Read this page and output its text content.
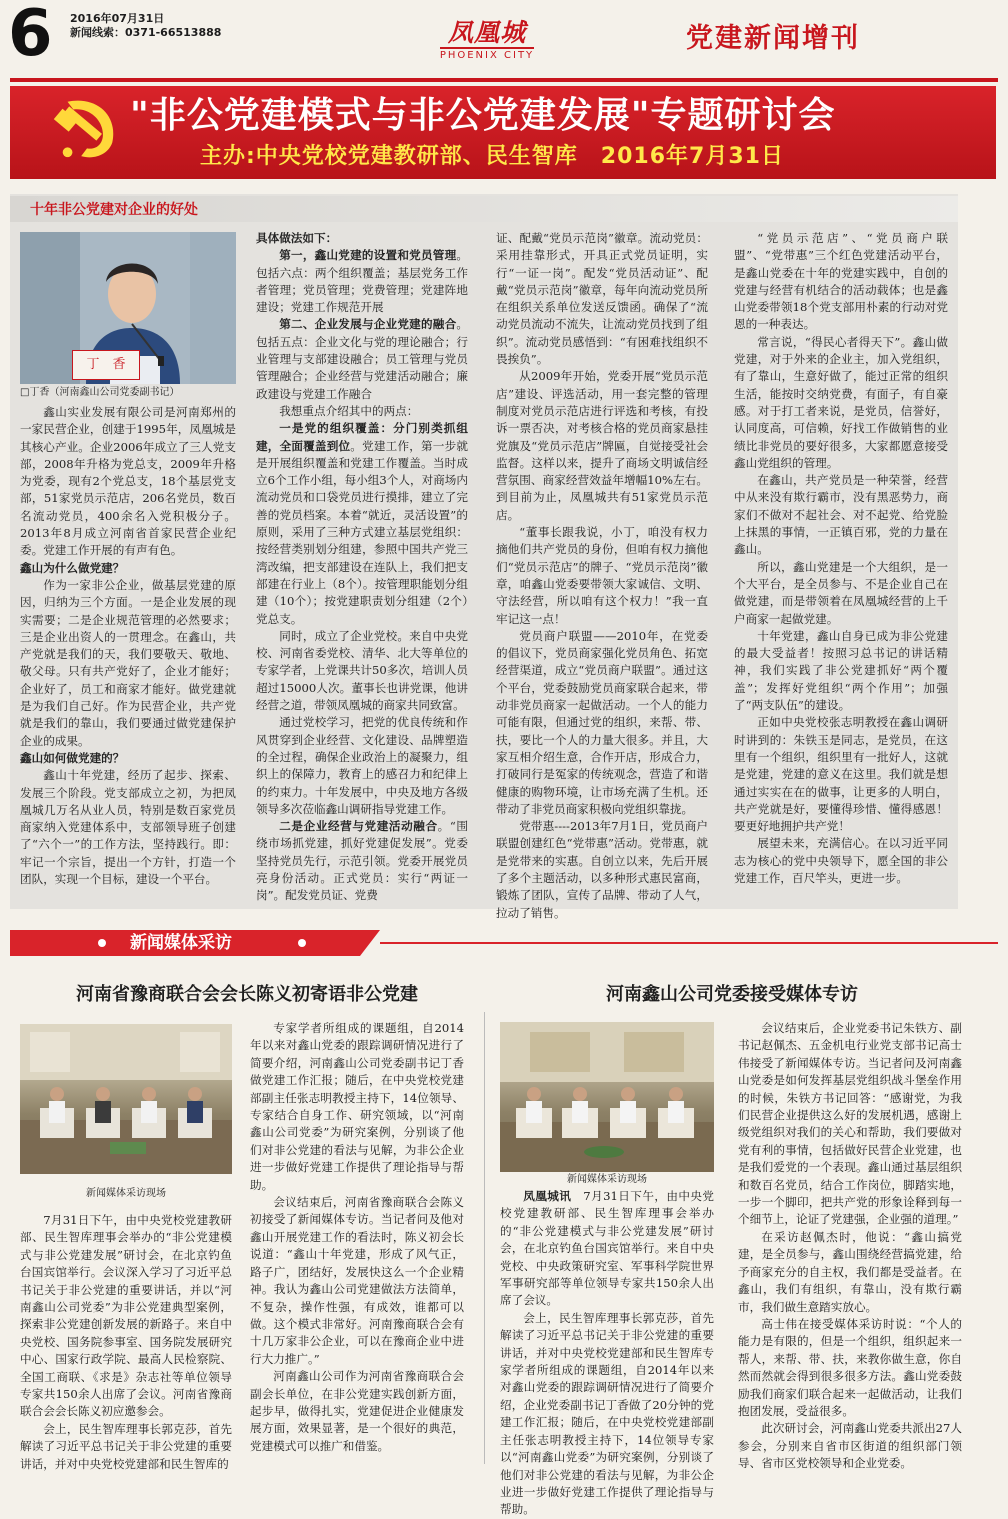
6 2016年07月31日
新闻线索：0371-66513888	凤凰城
PHOENIX CITY
党建新闻增刊
"非公党建模式与非公党建发展"专题研讨会
主办:中央党校党建教研部、民生智库　2016年7月31日
十年非公党建对企业的好处
丁　香
□丁香（河南鑫山公司党委副书记）

鑫山实业发展有限公司是河南郑州的一家民营企业，创建于1995年，凤凰城是其核心产业。企业2006年成立了三人党支部，2008年升格为党总支，2009年升格为党委，现有2个党总支，18个基层党支部，51家党员示范店，206名党员，数百名流动党员，400余名入党积极分子。2013年8月成立河南省首家民营企业纪委。党建工作开展的有声有色。

鑫山为什么做党建？

作为一家非公企业，做基层党建的原因，归纳为三个方面。一是企业发展的现实需要；二是企业规范管理的必然要求；三是企业出资人的一贯理念。在鑫山，共产党就是我们的天，我们要敬天、敬地、敬父母。只有共产党好了，企业才能好；企业好了，员工和商家才能好。做党建就是为我们自己好。作为民营企业，共产党就是我们的靠山，我们要通过做党建保护企业的成果。

鑫山如何做党建的？

鑫山十年党建，经历了起步、探索、发展三个阶段。党支部成立之初，为把凤凰城几万名从业人员，特别是数百家党员商家纳入党建体系中，支部领导班子创建了“六个一”的工作方法，坚持践行。即：牢记一个宗旨，提出一个方针，打造一个团队，实现一个目标，建设一个平台。

具体做法如下：

第一，鑫山党建的设置和党员管理。包括六点：两个组织覆盖；基层党务工作者管理；党员管理；党费管理；党建阵地建设；党建工作规范开展

第二、企业发展与企业党建的融合。包括五点：企业文化与党的理论融合；行业管理与支部建设融合；员工管理与党员管理融合；企业经营与党建活动融合；廉政建设与党建工作融合

我想重点介绍其中的两点：

一是党的组织覆盖：分门别类抓组建，全面覆盖到位。党建工作，第一步就是开展组织覆盖和党建工作覆盖。当时成立6个工作小组，每小组3个人，对商场内流动党员和口袋党员进行摸排，建立了完善的党员档案。本着“就近，灵活设置”的原则，采用了三种方式建立基层党组织：按经营类别划分组建，参照中国共产党三湾改编，把支部建设在连队上，我们把支部建在行业上（8个）。按管理职能划分组建（10个）；按党建职责划分组建（2个）党总支。

同时，成立了企业党校。来自中央党校、河南省委党校、清华、北大等单位的专家学者，上党课共计50多次，培训人员超过15000人次。董事长也讲党课，他讲经营之道，带领凤凰城的商家共同致富。

通过党校学习，把党的优良传统和作风贯穿到企业经营、文化建设、品牌塑造的全过程，确保企业政治上的凝聚力，组织上的保障力，教育上的感召力和纪律上的约束力。十年发展中，中央及地方各级领导多次莅临鑫山调研指导党建工作。

二是企业经营与党建活动融合。“围绕市场抓党建，抓好党建促发展”。党委坚持党员先行，示范引领。党委开展党员亮身份活动。正式党员：实行“两证一岗”。配发党员证、党费

证、配戴“党员示范岗”徽章。流动党员：采用挂靠形式，开具正式党员证明，实行“一证一岗”。配发“党员活动证”、配戴“党员示范岗”徽章，每年向流动党员所在组织关系单位发送反馈函。确保了“流动党员流动不流失，让流动党员找到了组织”。流动党员感悟到：“有困难找组织不畏挨负”。

从2009年开始，党委开展“党员示范店”建设、评选活动，用一套完整的管理制度对党员示范店进行评选和考核，有投诉一票否决，对考核合格的党员商家悬挂党旗及“党员示范店”牌匾，自觉接受社会监督。这样以来，提升了商场文明诚信经营氛围、商家经营效益年增幅10%左右。到目前为止，凤凰城共有51家党员示范店。

“董事长跟我说，小丁，咱没有权力摘他们共产党员的身份，但咱有权力摘他们“党员示范店”的牌子、“党员示范岗”徽章，咱鑫山党委要带领大家诚信、文明、守法经营，所以咱有这个权力！”我一直牢记这一点！

党员商户联盟——2010年，在党委的倡议下，党员商家强化党员角色、拓宽经营渠道，成立“党员商户联盟”。通过这个平台，党委鼓励党员商家联合起来，带动非党员商家一起做活动。一个人的能力可能有限，但通过党的组织，来帮、带、扶，要比一个人的力量大很多。并且，大家互相介绍生意，合作开店，形成合力，打破同行是冤家的传统观念，营造了和谐健康的购物环境，让市场充满了生机。还带动了非党员商家积极向党组织靠拢。

党带惠----2013年7月1日，党员商户联盟创建红色“党带惠”活动。党带惠，就是党带来的实惠。自创立以来，先后开展了多个主题活动，以多种形式惠民富商，锻炼了团队，宣传了品牌、带动了人气，拉动了销售。

“党员示范店”、“党员商户联盟”、“党带惠”三个红色党建活动平台，是鑫山党委在十年的党建实践中，自创的党建与经营有机结合的活动载体；也是鑫山党委带领18个党支部用朴素的行动对党恩的一种表达。

常言说，“得民心者得天下”。鑫山做党建，对于外来的企业主，加入党组织，有了靠山，生意好做了，能过正常的组织生活，能按时交纳党费，有面子，有自豪感。对于打工者来说，是党员，信誉好，认同度高，可信赖，好找工作做销售的业绩比非党员的要好很多，大家都愿意接受鑫山党组织的管理。

在鑫山，共产党员是一种荣誉，经营中从来没有欺行霸市，没有黑恶势力，商家们不做对不起社会、对不起党、给党脸上抹黑的事情，一正镇百邪，党的力量在鑫山。

所以，鑫山党建是一个大组织，是一个大平台，是全员参与、不是企业自己在做党建，而是带领着在凤凰城经营的上千户商家一起做党建。

十年党建，鑫山自身已成为非公党建的最大受益者！按照习总书记的讲话精神，我们实践了非公党建抓好“两个覆盖”；发挥好党组织“两个作用”；加强了“两支队伍”的建设。

正如中央党校张志明教授在鑫山调研时讲到的：朱铁玉是同志，是党员，在这里有一个组织，组织里有一批好人，这就是党建，党建的意义在这里。我们就是想通过实实在在的做事，让更多的人明白，共产党就是好，要懂得珍惜、懂得感恩！要更好地拥护共产党！

展望未来，充满信心。在以习近平同志为核心的党中央领导下，愿全国的非公党建工作，百尺竿头，更进一步。

新闻媒体采访
河南省豫商联合会会长陈义初寄语非公党建	河南鑫山公司党委接受媒体专访
新闻媒体采访现场
新闻媒体采访现场

7月31日下午，由中央党校党建教研部、民生智库理事会举办的“非公党建模式与非公党建发展”研讨会，在北京钓鱼台国宾馆举行。会议深入学习了习近平总书记关于非公党建的重要讲话，并以“河南鑫山公司党委”为非公党建典型案例，探索非公党建创新发展的新路子。来自中央党校、国务院参事室、国务院发展研究中心、国家行政学院、最高人民检察院、全国工商联、《求是》杂志社等单位领导专家共150余人出席了会议。河南省豫商联合会会长陈义初应邀参会。

会上，民生智库理事长郭克莎，首先解读了习近平总书记关于非公党建的重要讲话，并对中央党校党建部和民生智库的

专家学者所组成的课题组，自2014年以来对鑫山党委的跟踪调研情况进行了简要介绍，河南鑫山公司党委副书记丁香做党建工作汇报；随后，在中央党校党建部副主任张志明教授主持下，14位领导、专家结合自身工作、研究领域，以“河南鑫山公司党委”为研究案例，分别谈了他们对非公党建的看法与见解，为非公企业进一步做好党建工作提供了理论指导与帮助。

会议结束后，河南省豫商联合会陈义初接受了新闻媒体专访。当记者问及他对鑫山开展党建工作的看法时，陈义初会长说道：“鑫山十年党建，形成了风气正，路子广，团结好，发展快这么一个企业精神。我认为鑫山公司党建做法方法简单，不复杂，操作性强，有成效，谁都可以做。这个模式非常好。河南豫商联合会有十几万家非公企业，可以在豫商企业中进行大力推广。”

河南鑫山公司作为河南省豫商联合会副会长单位，在非公党建实践创新方面，起步早，做得扎实，党建促进企业健康发展方面，效果显著，是一个很好的典范，党建模式可以推广和借鉴。

凤凰城讯　 7月31日下午，由中央党校党建教研部、民生智库理事会举办的“非公党建模式与非公党建发展”研讨会，在北京钓鱼台国宾馆举行。来自中央党校、中央政策研究室、军事科学院世界军事研究部等单位领导专家共150余人出席了会议。

会上，民生智库理事长郭克莎，首先解读了习近平总书记关于非公党建的重要讲话，并对中央党校党建部和民生智库专家学者所组成的课题组，自2014年以来对鑫山党委的跟踪调研情况进行了简要介绍，企业党委副书记丁香做了20分钟的党建工作汇报；随后，在中央党校党建部副主任张志明教授主持下，14位领导专家以“河南鑫山党委”为研究案例，分别谈了他们对非公党建的看法与见解，为非公企业进一步做好党建工作提供了理论指导与帮助。

会议结束后，企业党委书记朱铁方、副书记赵佩杰、五金机电行业党支部书记高士伟接受了新闻媒体专访。当记者问及河南鑫山党委是如何发挥基层党组织战斗堡垒作用的时候，朱铁方书记回答：“感谢党，为我们民营企业提供这么好的发展机遇，感谢上级党组织对我们的关心和帮助，我们要做对党有利的事情，包括做好民营企业党建，也是我们爱党的一个表现。鑫山通过基层组织和数百名党员，结合工作岗位，脚踏实地，一步一个脚印，把共产党的形象诠释到每一个细节上，论证了党建强，企业强的道理。”

在采访赵佩杰时，他说：“鑫山搞党建，是全员参与，鑫山围绕经营搞党建，给予商家充分的自主权，我们都是受益者。在鑫山，我们有组织，有靠山，没有欺行霸市，我们做生意踏实放心。

高士伟在接受媒体采访时说：“个人的能力是有限的，但是一个组织，组织起来一帮人，来帮、带、扶，来教你做生意，你自然而然就会得到很多很多方法。鑫山党委鼓励我们商家们联合起来一起做活动，让我们抱团发展，受益很多。

此次研讨会，河南鑫山党委共派出27人参会，分别来自省市区街道的组织部门领导、省市区党校领导和企业党委。
